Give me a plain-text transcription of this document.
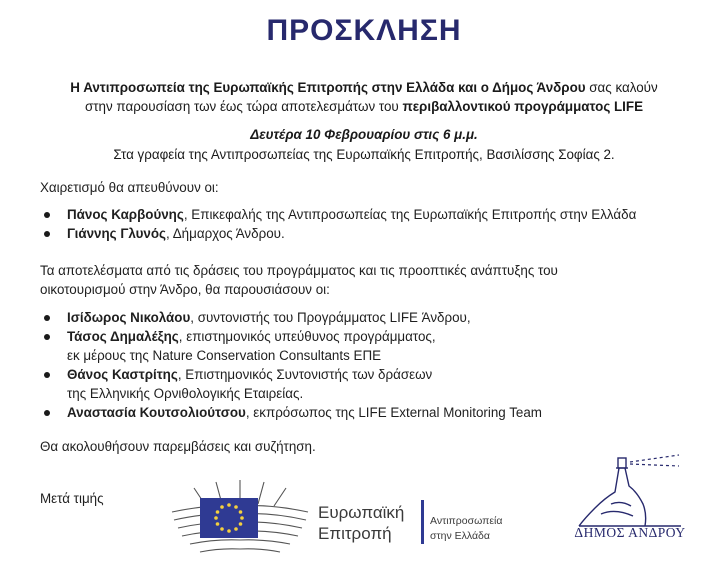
ΠΡΟΣΚΛΗΣΗ
Η Αντιπροσωπεία της Ευρωπαϊκής Επιτροπής στην Ελλάδα και ο Δήμος Άνδρου σας καλούν
στην παρουσίαση των έως τώρα αποτελεσμάτων του περιβαλλοντικού προγράμματος LIFE
Δευτέρα 10 Φεβρουαρίου στις 6 μ.μ.
Στα γραφεία της Αντιπροσωπείας της Ευρωπαϊκής Επιτροπής, Βασιλίσσης Σοφίας 2.
Χαιρετισμό θα απευθύνουν οι:
Πάνος Καρβούνης, Επικεφαλής της Αντιπροσωπείας της Ευρωπαϊκής Επιτροπής στην Ελλάδα
Γιάννης Γλυνός, Δήμαρχος Άνδρου.
Τα αποτελέσματα από τις δράσεις του προγράμματος και τις προοπτικές ανάπτυξης του
οικοτουρισμού στην Άνδρο, θα παρουσιάσουν οι:
Ισίδωρος Νικολάου, συντονιστής του Προγράμματος LIFE Άνδρου,
Τάσος Δημαλέξης, επιστημονικός υπεύθυνος προγράμματος,
εκ μέρους της Nature Conservation Consultants ΕΠΕ
Θάνος Καστρίτης, Επιστημονικός Συντονιστής των δράσεων
της Ελληνικής Ορνιθολογικής Εταιρείας.
Αναστασία Κουτσολιούτσου, εκπρόσωπος της LIFE External Monitoring Team
Θα ακολουθήσουν παρεμβάσεις και συζήτηση.
Μετά τιμής
Ευρωπαϊκή
Επιτροπή
Αντιπροσωπεία
στην Ελλάδα	ΔΗΜΟΣ ΑΝΔΡΟΥ
